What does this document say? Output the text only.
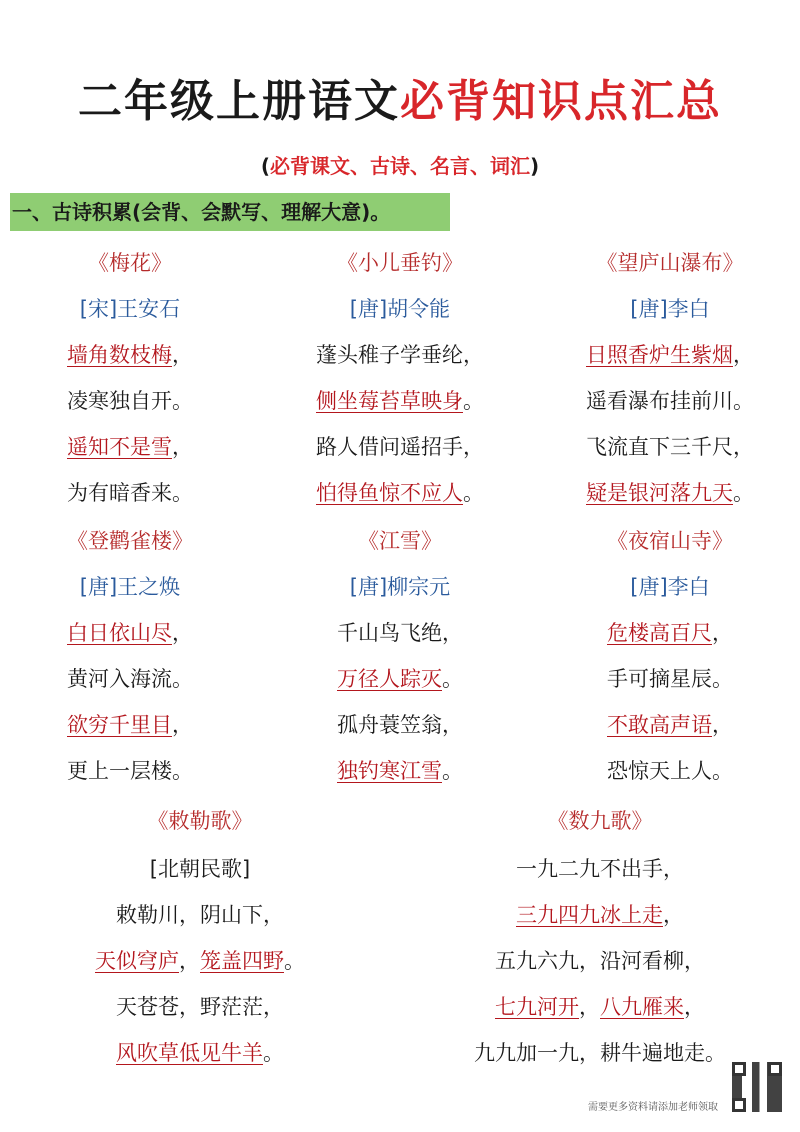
二年级上册语文必背知识点汇总
(必背课文、古诗、名言、词汇)
一、古诗积累(会背、会默写、理解大意)。
《梅花》
[宋]王安石
墙角数枝梅，
凌寒独自开。
遥知不是雪，
为有暗香来。
《小儿垂钓》
[唐]胡令能
蓬头稚子学垂纶，
侧坐莓苔草映身。
路人借问遥招手，
怕得鱼惊不应人。
《望庐山瀑布》
[唐]李白
日照香炉生紫烟，
遥看瀑布挂前川。
飞流直下三千尺，
疑是银河落九天。
《登鹳雀楼》
[唐]王之焕
白日依山尽，
黄河入海流。
欲穷千里目，
更上一层楼。
《江雪》
[唐]柳宗元
千山鸟飞绝，
万径人踪灭。
孤舟蓑笠翁，
独钓寒江雪。
《夜宿山寺》
[唐]李白
危楼高百尺，
手可摘星辰。
不敢高声语，
恐惊天上人。
《敕勒歌》
[北朝民歌]
敕勒川，阴山下，
天似穹庐，笼盖四野。
天苍苍，野茫茫，
风吹草低见牛羊。
《数九歌》
一九二九不出手，
三九四九冰上走，
五九六九，沿河看柳，
七九河开，八九雁来，
九九加一九，耕牛遍地走。
需要更多资料请添加老师领取
